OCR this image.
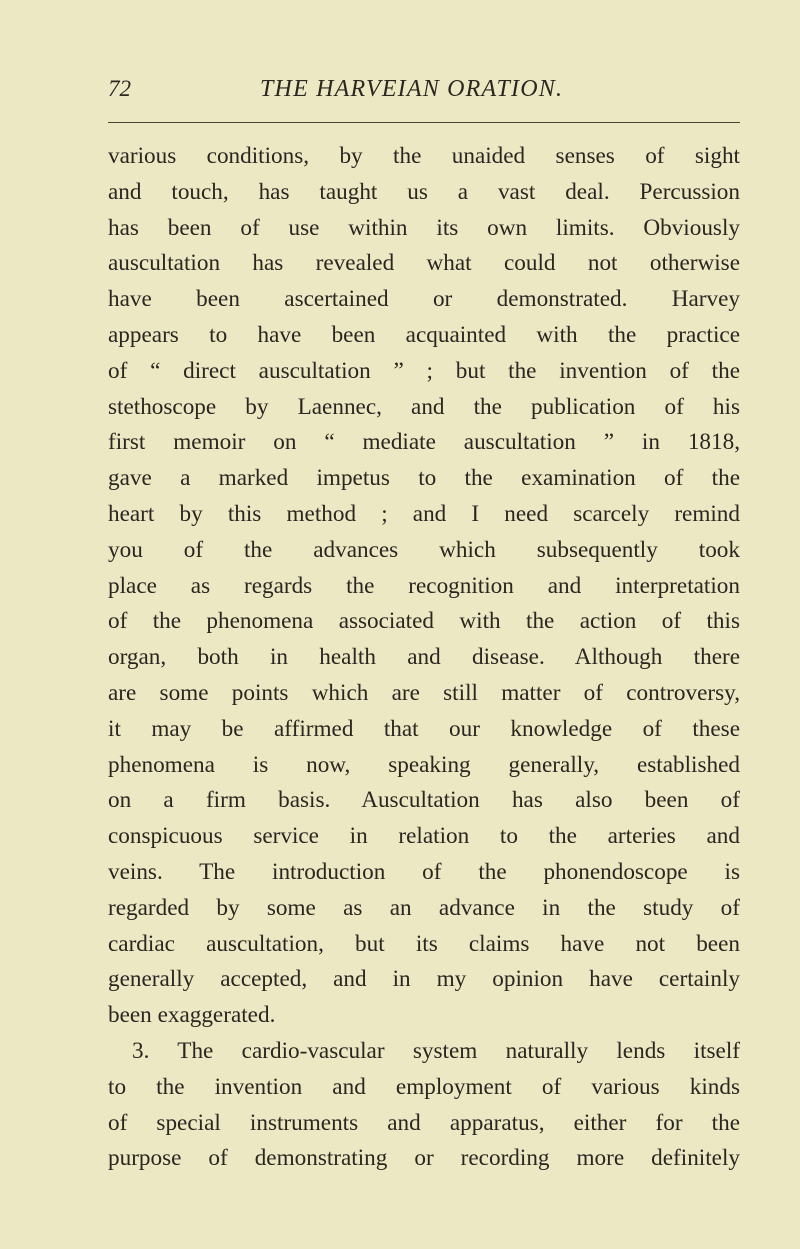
72	THE HARVEIAN ORATION.
various conditions, by the unaided senses of sight
and touch, has taught us a vast deal. Percussion
has been of use within its own limits. Obviously
auscultation has revealed what could not otherwise
have been ascertained or demonstrated. Harvey
appears to have been acquainted with the practice
of “ direct auscultation ” ; but the invention of the
stethoscope by Laennec, and the publication of his
first memoir on “ mediate auscultation ” in 1818,
gave a marked impetus to the examination of the
heart by this method ; and I need scarcely remind
you of the advances which subsequently took
place as regards the recognition and interpretation
of the phenomena associated with the action of this
organ, both in health and disease. Although there
are some points which are still matter of controversy,
it may be affirmed that our knowledge of these
phenomena is now, speaking generally, established
on a firm basis. Auscultation has also been of
conspicuous service in relation to the arteries and
veins. The introduction of the phonendoscope is
regarded by some as an advance in the study of
cardiac auscultation, but its claims have not been
generally accepted, and in my opinion have certainly
been exaggerated.
3. The cardio-vascular system naturally lends itself
to the invention and employment of various kinds
of special instruments and apparatus, either for the
purpose of demonstrating or recording more definitely
